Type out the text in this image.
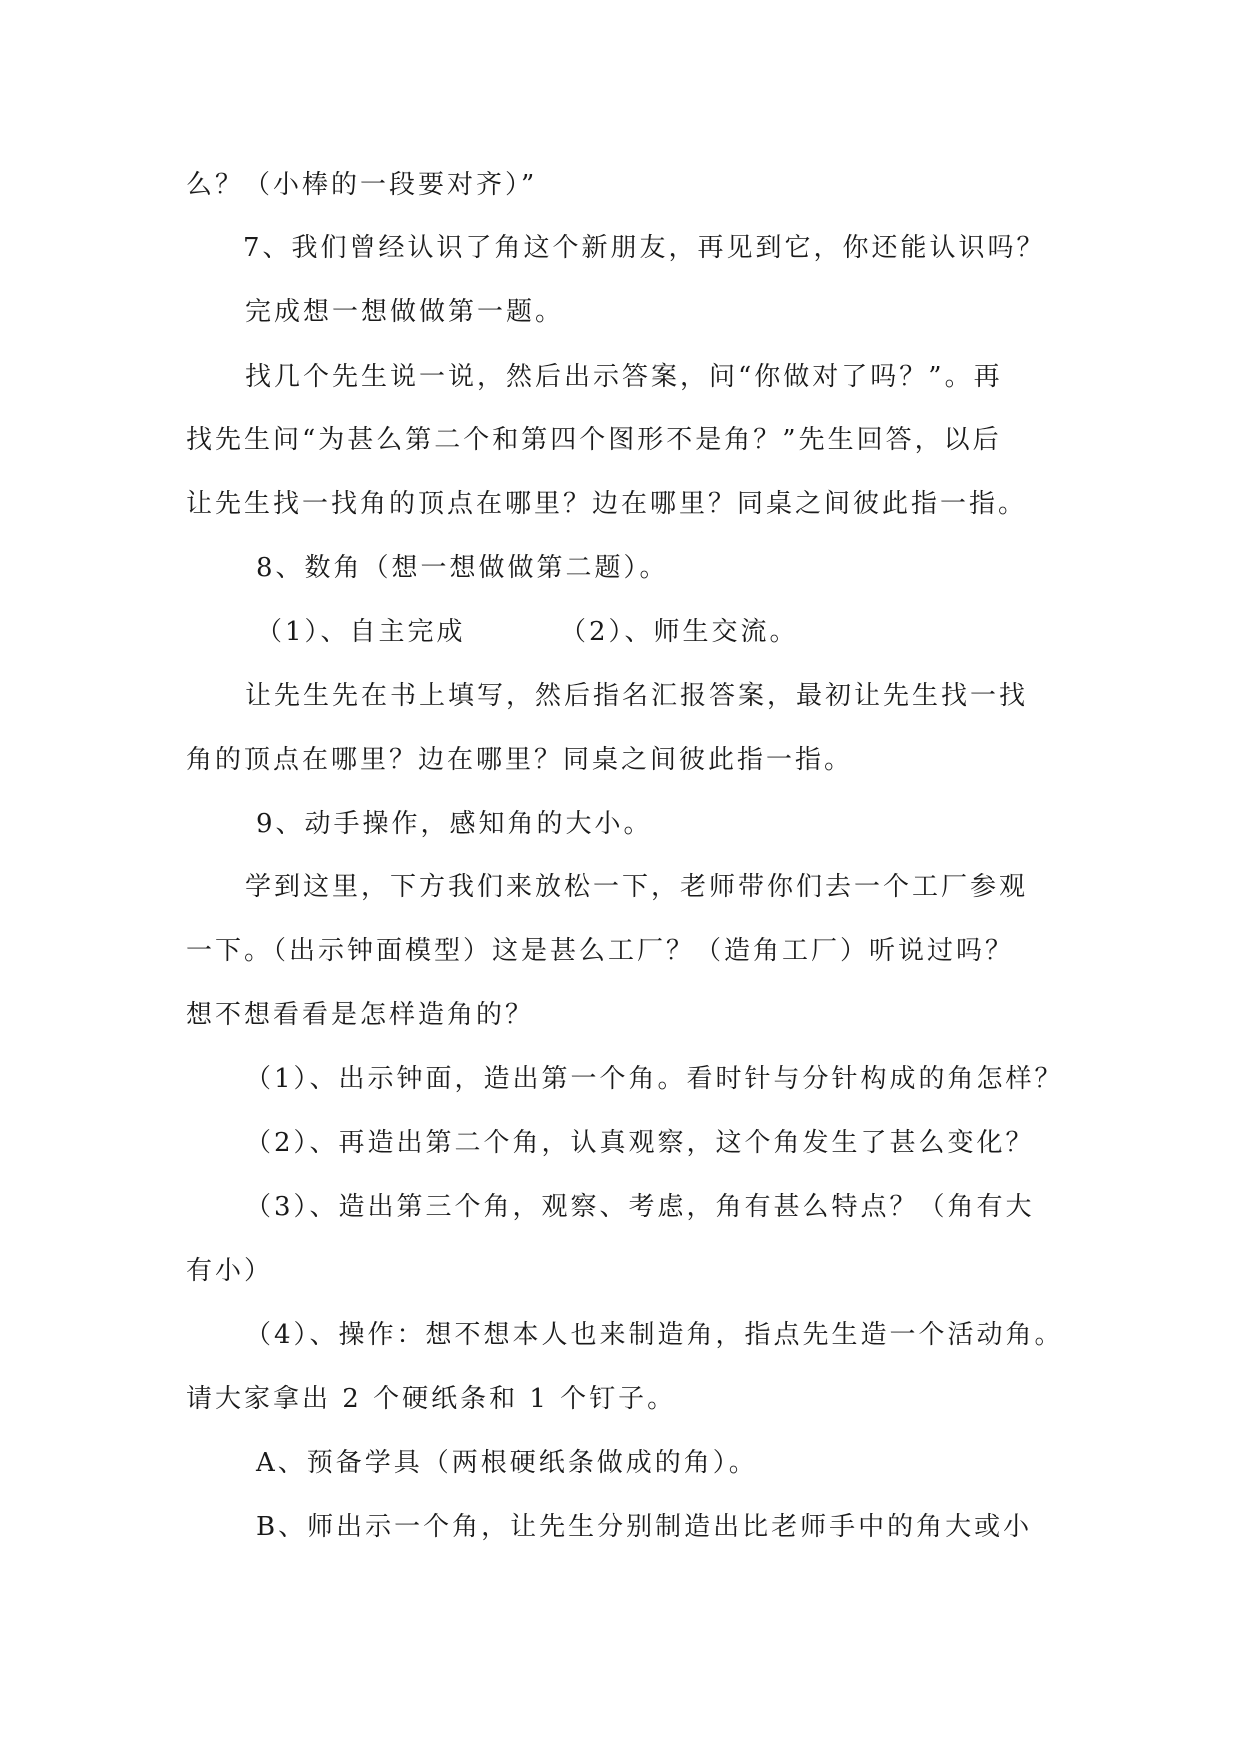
么？（小棒的一段要对齐）”
7、我们曾经认识了角这个新朋友，再见到它，你还能认识吗？
完成想一想做做第一题。
找几个先生说一说，然后出示答案，问“你做对了吗？”。再
找先生问“为甚么第二个和第四个图形不是角？”先生回答，以后
让先生找一找角的顶点在哪里？边在哪里？同桌之间彼此指一指。
8、数角（想一想做做第二题）。
（1）、自主完成	（2）、师生交流。
让先生先在书上填写，然后指名汇报答案，最初让先生找一找
角的顶点在哪里？边在哪里？同桌之间彼此指一指。
9、动手操作，感知角的大小。
学到这里，下方我们来放松一下，老师带你们去一个工厂参观
一下。（出示钟面模型）这是甚么工厂？（造角工厂）听说过吗？
想不想看看是怎样造角的？
（1）、出示钟面，造出第一个角。看时针与分针构成的角怎样？
（2）、再造出第二个角，认真观察，这个角发生了甚么变化？
（3）、造出第三个角，观察、考虑，角有甚么特点？（角有大
有小）
（4）、操作：想不想本人也来制造角，指点先生造一个活动角。
请大家拿出 2 个硬纸条和 1 个钉子。
A、预备学具（两根硬纸条做成的角）。
B、师出示一个角，让先生分别制造出比老师手中的角大或小
